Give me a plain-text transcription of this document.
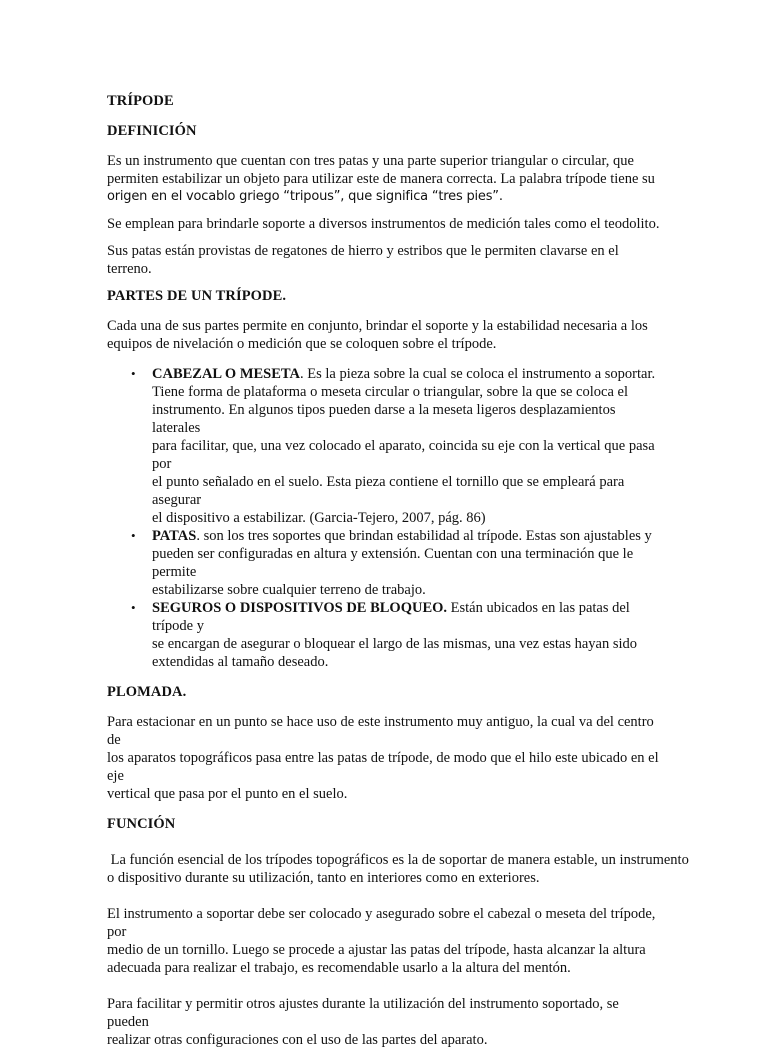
TRÍPODE

DEFINICIÓN

Es un instrumento que cuentan con tres patas y una parte superior triangular o circular, que

permiten estabilizar un objeto para utilizar este de manera correcta. La palabra trípode tiene su

origen en el vocablo griego “tripous”, que significa “tres pies”.

Se emplean para brindarle soporte a diversos instrumentos de medición tales como el teodolito.

Sus patas están provistas de regatones de hierro y estribos que le permiten clavarse en el terreno.

PARTES DE UN TRÍPODE.

Cada una de sus partes permite en conjunto, brindar el soporte y la estabilidad necesaria a los

equipos de nivelación o medición que se coloquen sobre el trípode.

• CABEZAL O MESETA. Es la pieza sobre la cual se coloca el instrumento a soportar.

Tiene forma de plataforma o meseta circular o triangular, sobre la que se coloca el

instrumento. En algunos tipos pueden darse a la meseta ligeros desplazamientos laterales

para facilitar, que, una vez colocado el aparato, coincida su eje con la vertical que pasa por

el punto señalado en el suelo. Esta pieza contiene el tornillo que se empleará para asegurar

el dispositivo a estabilizar. (Garcia-Tejero, 2007, pág. 86)

• PATAS. son los tres soportes que brindan estabilidad al trípode. Estas son ajustables y

pueden ser configuradas en altura y extensión. Cuentan con una terminación que le permite

estabilizarse sobre cualquier terreno de trabajo.

• SEGUROS O DISPOSITIVOS DE BLOQUEO. Están ubicados en las patas del trípode y

se encargan de asegurar o bloquear el largo de las mismas, una vez estas hayan sido

extendidas al tamaño deseado.

PLOMADA.

Para estacionar en un punto se hace uso de este instrumento muy antiguo, la cual va del centro de

los aparatos topográficos pasa entre las patas de trípode, de modo que el hilo este ubicado en el eje

vertical que pasa por el punto en el suelo.

FUNCIÓN

La función esencial de los trípodes topográficos es la de soportar de manera estable, un instrumento

o dispositivo durante su utilización, tanto en interiores como en exteriores.

El instrumento a soportar debe ser colocado y asegurado sobre el cabezal o meseta del trípode, por

medio de un tornillo. Luego se procede a ajustar las patas del trípode, hasta alcanzar la altura

adecuada para realizar el trabajo, es recomendable usarlo a la altura del mentón.

Para facilitar y permitir otros ajustes durante la utilización del instrumento soportado, se pueden

realizar otras configuraciones con el uso de las partes del aparato.
